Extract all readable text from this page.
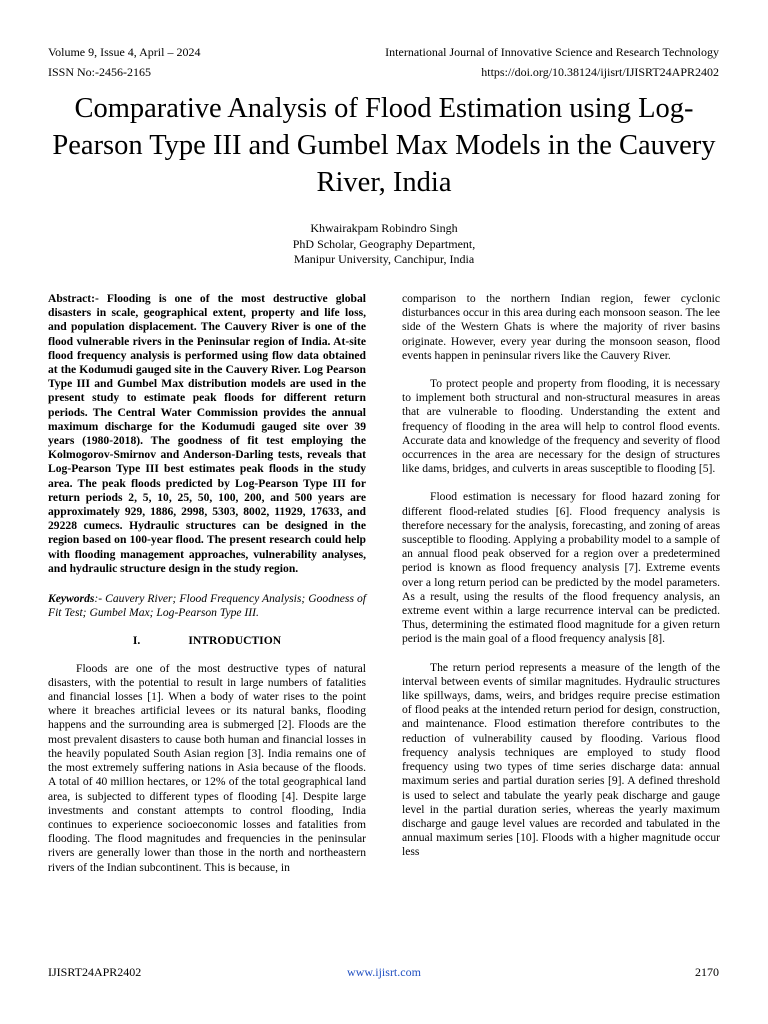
Volume 9, Issue 4, April – 2024	International Journal of Innovative Science and Research Technology
ISSN No:-2456-2165	https://doi.org/10.38124/ijisrt/IJISRT24APR2402
Comparative Analysis of Flood Estimation using Log-Pearson Type III and Gumbel Max Models in the Cauvery River, India
Khwairakpam Robindro Singh
PhD Scholar, Geography Department,
Manipur University, Canchipur, India

Abstract:- Flooding is one of the most destructive global disasters in scale, geographical extent, property and life loss, and population displacement. The Cauvery River is one of the flood vulnerable rivers in the Peninsular region of India. At-site flood frequency analysis is performed using flow data obtained at the Kodumudi gauged site in the Cauvery River. Log Pearson Type III and Gumbel Max distribution models are used in the present study to estimate peak floods for different return periods. The Central Water Commission provides the annual maximum discharge for the Kodumudi gauged site over 39 years (1980-2018). The goodness of fit test employing the Kolmogorov-Smirnov and Anderson-Darling tests, reveals that Log-Pearson Type III best estimates peak floods in the study area. The peak floods predicted by Log-Pearson Type III for return periods 2, 5, 10, 25, 50, 100, 200, and 500 years are approximately 929, 1886, 2998, 5303, 8002, 11929, 17633, and 29228 cumecs. Hydraulic structures can be designed in the region based on 100-year flood. The present research could help with flooding management approaches, vulnerability analyses, and hydraulic structure design in the study region.

Keywords:- Cauvery River; Flood Frequency Analysis; Goodness of Fit Test; Gumbel Max; Log-Pearson Type III.

I.	INTRODUCTION

Floods are one of the most destructive types of natural disasters, with the potential to result in large numbers of fatalities and financial losses [1]. When a body of water rises to the point where it breaches artificial levees or its natural banks, flooding happens and the surrounding area is submerged [2]. Floods are the most prevalent disasters to cause both human and financial losses in the heavily populated South Asian region [3]. India remains one of the most extremely suffering nations in Asia because of the floods. A total of 40 million hectares, or 12% of the total geographical land area, is subjected to different types of flooding [4]. Despite large investments and constant attempts to control flooding, India continues to experience socioeconomic losses and fatalities from flooding. The flood magnitudes and frequencies in the peninsular rivers are generally lower than those in the north and northeastern rivers of the Indian subcontinent. This is because, in

comparison to the northern Indian region, fewer cyclonic disturbances occur in this area during each monsoon season. The lee side of the Western Ghats is where the majority of river basins originate. However, every year during the monsoon season, flood events happen in peninsular rivers like the Cauvery River.

To protect people and property from flooding, it is necessary to implement both structural and non-structural measures in areas that are vulnerable to flooding. Understanding the extent and frequency of flooding in the area will help to control flood events. Accurate data and knowledge of the frequency and severity of flood occurrences in the area are necessary for the design of structures like dams, bridges, and culverts in areas susceptible to flooding [5].

Flood estimation is necessary for flood hazard zoning for different flood-related studies [6]. Flood frequency analysis is therefore necessary for the analysis, forecasting, and zoning of areas susceptible to flooding. Applying a probability model to a sample of an annual flood peak observed for a region over a predetermined period is known as flood frequency analysis [7]. Extreme events over a long return period can be predicted by the model parameters. As a result, using the results of the flood frequency analysis, an extreme event within a large recurrence interval can be predicted. Thus, determining the estimated flood magnitude for a given return period is the main goal of a flood frequency analysis [8].

The return period represents a measure of the length of the interval between events of similar magnitudes. Hydraulic structures like spillways, dams, weirs, and bridges require precise estimation of flood peaks at the intended return period for design, construction, and maintenance. Flood estimation therefore contributes to the reduction of vulnerability caused by flooding. Various flood frequency analysis techniques are employed to study flood frequency using two types of time series discharge data: annual maximum series and partial duration series [9]. A defined threshold is used to select and tabulate the yearly peak discharge and gauge level in the partial duration series, whereas the yearly maximum discharge and gauge level values are recorded and tabulated in the annual maximum series [10]. Floods with a higher magnitude occur less

IJISRT24APR2402	www.ijisrt.com	2170
